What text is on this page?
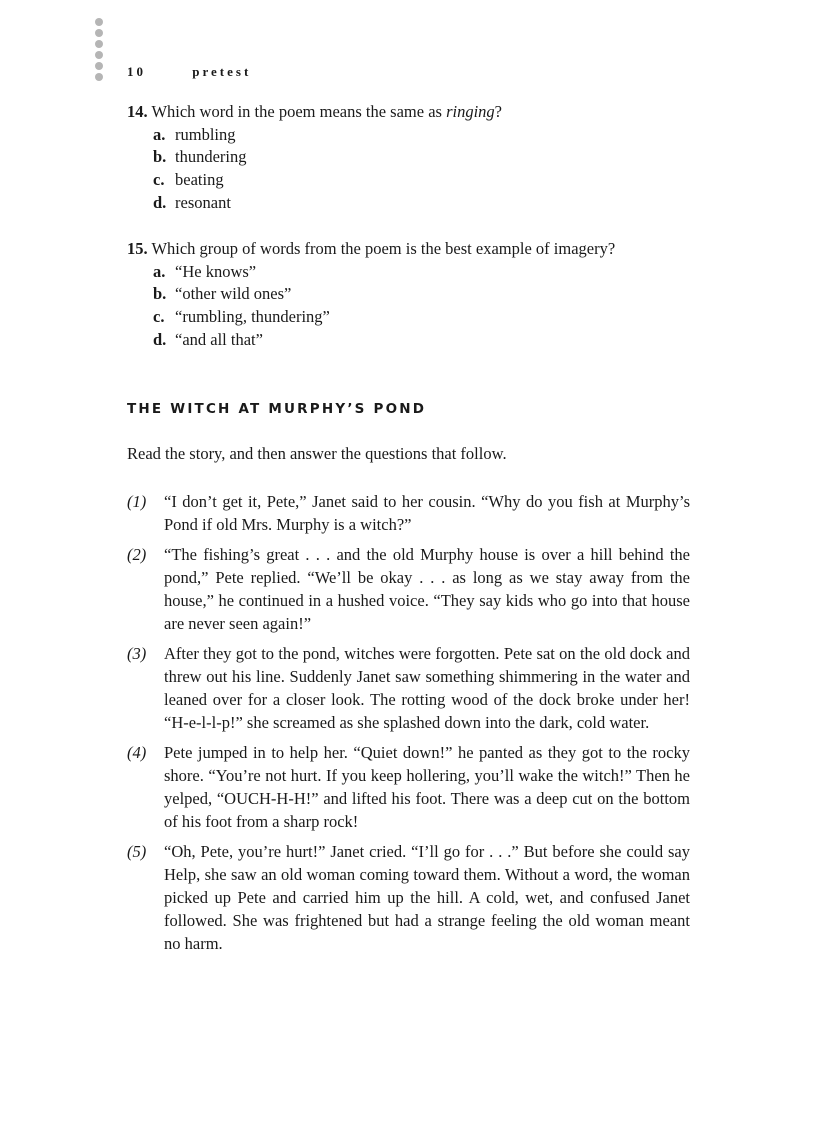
10	pretest
14. Which word in the poem means the same as ringing?
a. rumbling
b. thundering
c. beating
d. resonant
15. Which group of words from the poem is the best example of imagery?
a. “He knows”
b. “other wild ones”
c. “rumbling, thundering”
d. “and all that”
THE WITCH AT MURPHY’S POND
Read the story, and then answer the questions that follow.
(1)	“I don’t get it, Pete,” Janet said to her cousin. “Why do you fish at Murphy’s Pond if old Mrs. Murphy is a witch?”
(2)	“The fishing’s great . . . and the old Murphy house is over a hill behind the pond,” Pete replied. “We’ll be okay . . . as long as we stay away from the house,” he continued in a hushed voice. “They say kids who go into that house are never seen again!”
(3)	After they got to the pond, witches were forgotten. Pete sat on the old dock and threw out his line. Suddenly Janet saw something shimmering in the water and leaned over for a closer look. The rotting wood of the dock broke under her! “H-e-l-l-p!” she screamed as she splashed down into the dark, cold water.
(4)	Pete jumped in to help her. “Quiet down!” he panted as they got to the rocky shore. “You’re not hurt. If you keep hollering, you’ll wake the witch!” Then he yelped, “OUCH-H-H!” and lifted his foot. There was a deep cut on the bottom of his foot from a sharp rock!
(5)	“Oh, Pete, you’re hurt!” Janet cried. “I’ll go for . . .” But before she could say Help, she saw an old woman coming toward them. Without a word, the woman picked up Pete and carried him up the hill. A cold, wet, and confused Janet followed. She was frightened but had a strange feeling the old woman meant no harm.
